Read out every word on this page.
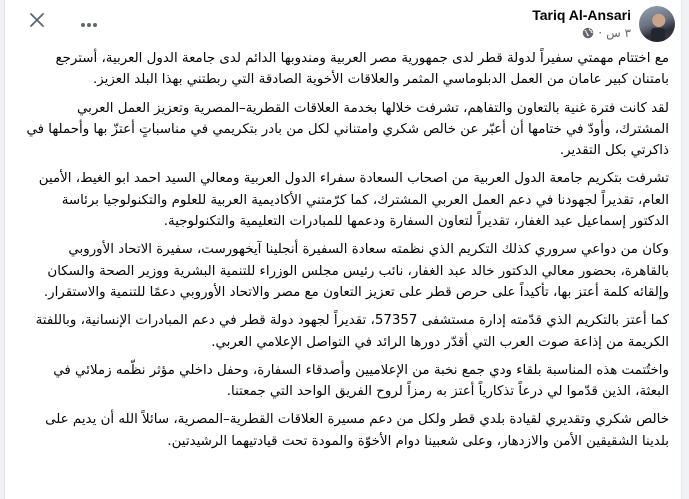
Tariq Al-Ansari
٣ س
·

مع اختتام مهمتي سفيراً لدولة قطر لدى جمهورية مصر العربية ومندوبها الدائم لدى جامعة الدول العربية، أسترجع بامتنان كبير عامان من العمل الدبلوماسي المثمر والعلاقات الأخوية الصادقة التي ربطتني بهذا البلد العزيز.

لقد كانت فترة غنية بالتعاون والتفاهم، تشرفت خلالها بخدمة العلاقات القطرية–المصرية وتعزيز العمل العربي المشترك، وأودّ في ختامها أن أعبّر عن خالص شكري وامتناني لكل من بادر بتكريمي في مناسباتٍ أعتزّ بها وأحملها في ذاكرتي بكل التقدير.

تشرفت بتكريم جامعة الدول العربية من اصحاب السعادة سفراء الدول العربية ومعالي السيد احمد ابو الغيط، الأمين العام، تقديراً لجهودنا في دعم العمل العربي المشترك، كما كرّمتني الأكاديمية العربية للعلوم والتكنولوجيا برئاسة الدكتور إسماعيل عبد الغفار، تقديراً لتعاون السفارة ودعمها للمبادرات التعليمية والتكنولوجية.

وكان من دواعي سروري كذلك التكريم الذي نظمته سعادة السفيرة أنجلينا آيخهورست، سفيرة الاتحاد الأوروبي بالقاهرة، بحضور معالي الدكتور خالد عبد الغفار، نائب رئيس مجلس الوزراء للتنمية البشرية ووزير الصحة والسكان وإلقائه كلمة أعتز بها، تأكيداً على حرص قطر على تعزيز التعاون مع مصر والاتحاد الأوروبي دعمًا للتنمية والاستقرار.

كما أعتز بالتكريم الذي قدّمته إدارة مستشفى 57357، تقديراً لجهود دولة قطر في دعم المبادرات الإنسانية، وباللفتة الكريمة من إذاعة صوت العرب التي أقدّر دورها الرائد في التواصل الإعلامي العربي.

واختُتمت هذه المناسبة بلقاء ودي جمع نخبة من الإعلاميين وأصدقاء السفارة، وحفل داخلي مؤثر نظّمه زملائي في البعثة، الذين قدّموا لي درعاً تذكارياً أعتز به رمزاً لروح الفريق الواحد التي جمعتنا.

خالص شكري وتقديري لقيادة بلدي قطر ولكل من دعم مسيرة العلاقات القطرية–المصرية، سائلاً الله أن يديم على بلدينا الشقيقين الأمن والازدهار، وعلى شعبينا دوام الأخوّة والمودة تحت قيادتيهما الرشيدتين.
